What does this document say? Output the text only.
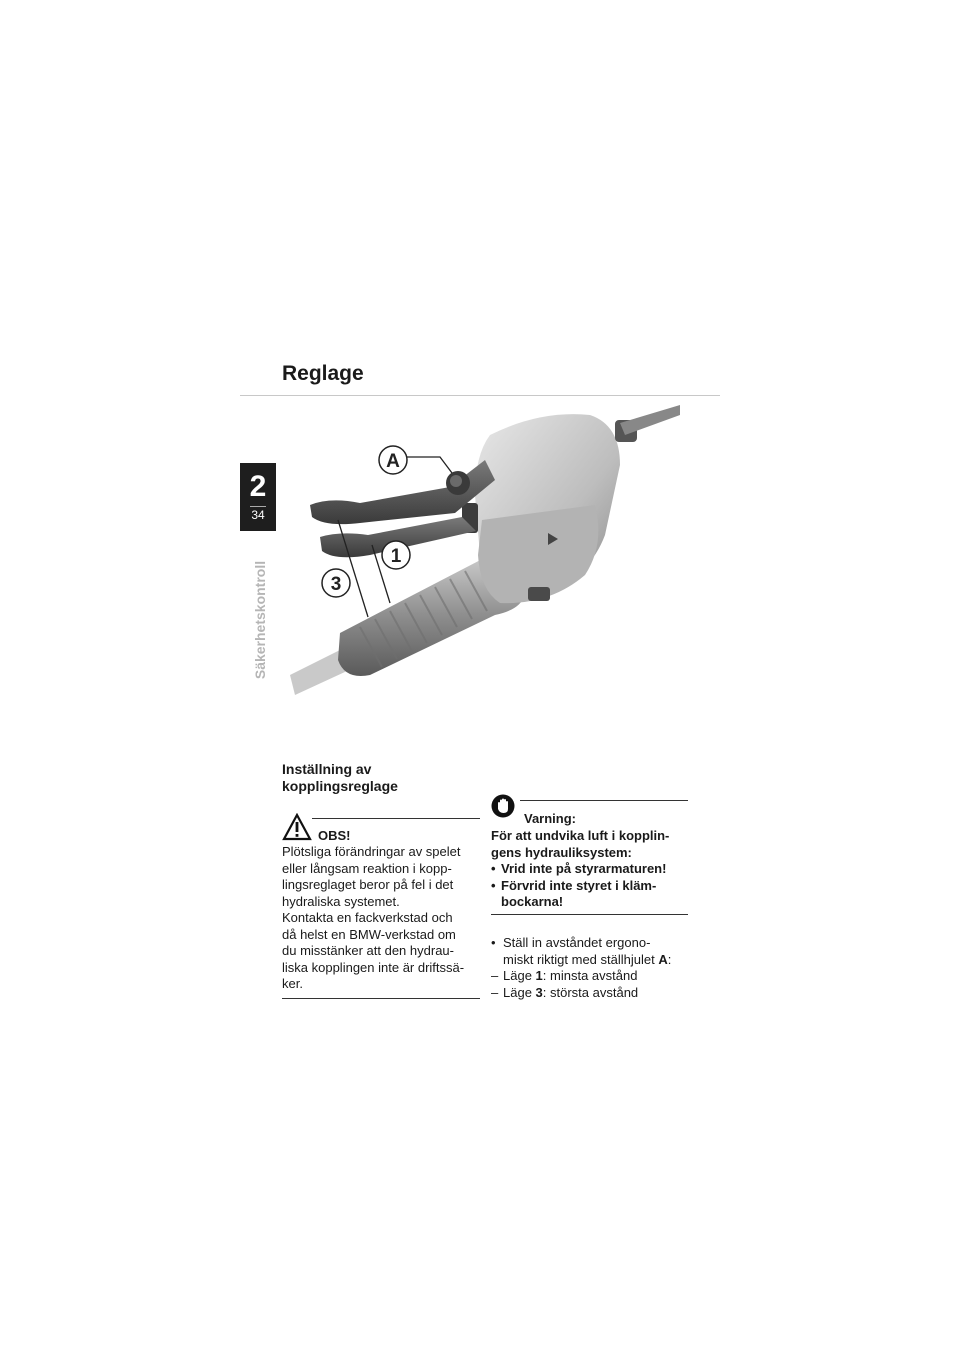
Reglage
2
34
Säkerhetskontroll
A
1
3
Inställning av
kopplingsreglage
OBS!
Plötsliga förändringar av spelet
eller långsam reaktion i kopp-
lingsreglaget beror på fel i det
hydraliska systemet.
Kontakta en fackverkstad och
då helst en BMW-verkstad om
du misstänker att den hydrau-
liska kopplingen inte är driftssä-
ker.
Varning:
För att undvika luft i kopplin-
gens hydrauliksystem:
• Vrid inte på styrarmaturen!
• Förvrid inte styret i kläm-
bockarna!
• Ställ in avståndet ergono-
miskt riktigt med ställhjulet A:
– Läge 1: minsta avstånd
– Läge 3: största avstånd
